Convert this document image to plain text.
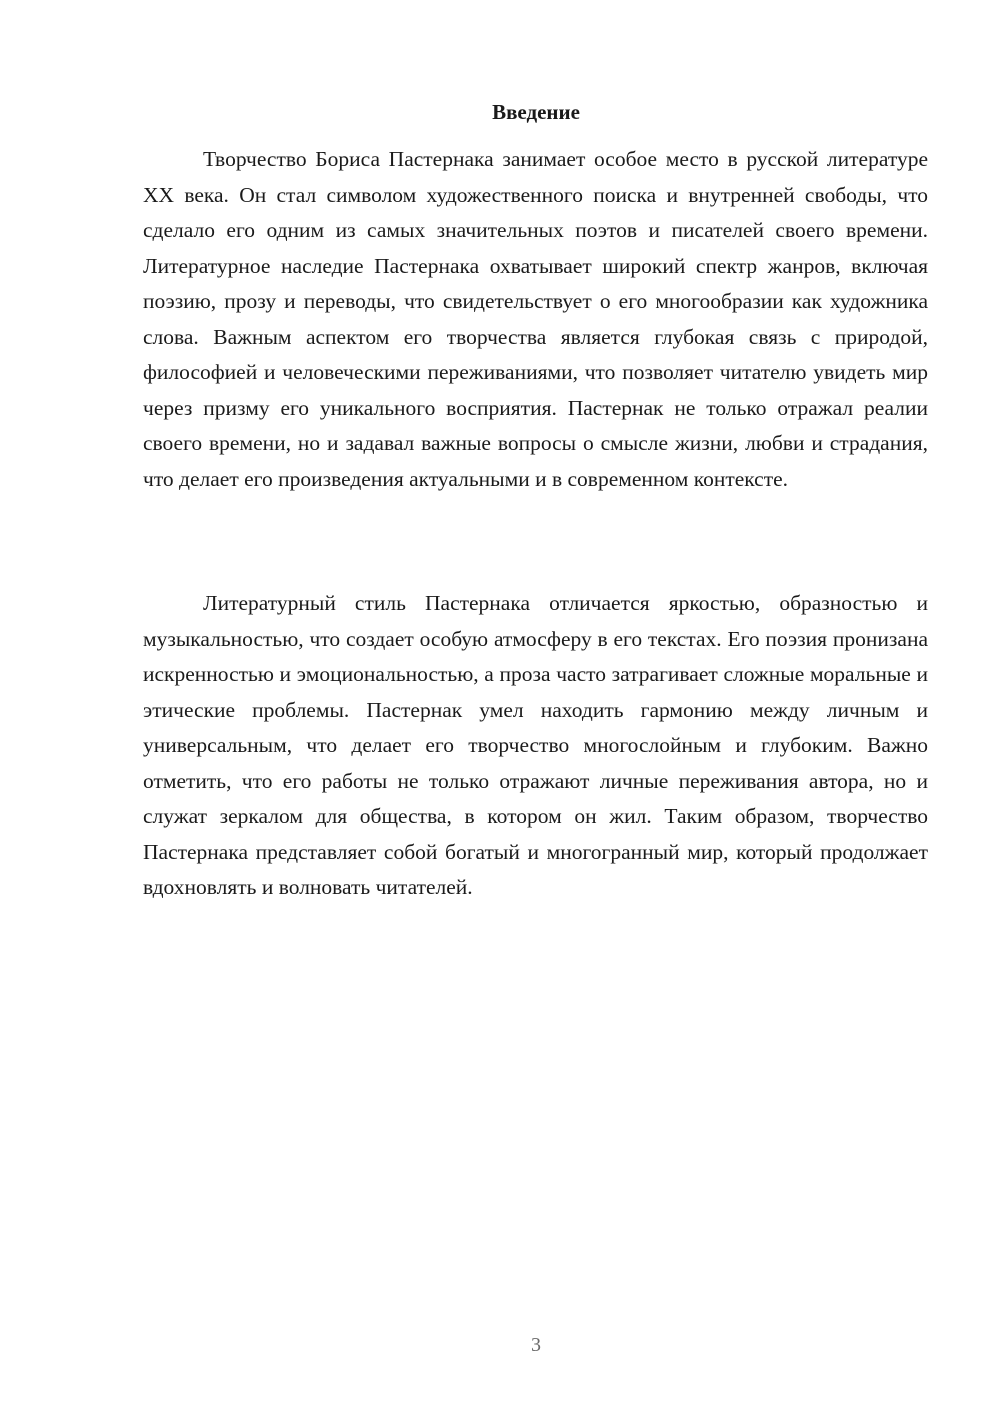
Введение

Творчество Бориса Пастернака занимает особое место в русской литературе XX века. Он стал символом художественного поиска и внутренней свободы, что сделало его одним из самых значительных поэтов и писателей своего времени. Литературное наследие Пастернака охватывает широкий спектр жанров, включая поэзию, прозу и переводы, что свидетельствует о его многообразии как художника слова. Важным аспектом его творчества является глубокая связь с природой, философией и человеческими переживаниями, что позволяет читателю увидеть мир через призму его уникального восприятия. Пастернак не только отражал реалии своего времени, но и задавал важные вопросы о смысле жизни, любви и страдания, что делает его произведения актуальными и в современном контексте.

Литературный стиль Пастернака отличается яркостью, образностью и музыкальностью, что создает особую атмосферу в его текстах. Его поэзия пронизана искренностью и эмоциональностью, а проза часто затрагивает сложные моральные и этические проблемы. Пастернак умел находить гармонию между личным и универсальным, что делает его творчество многослойным и глубоким. Важно отметить, что его работы не только отражают личные переживания автора, но и служат зеркалом для общества, в котором он жил. Таким образом, творчество Пастернака представляет собой богатый и многогранный мир, который продолжает вдохновлять и волновать читателей.

3
